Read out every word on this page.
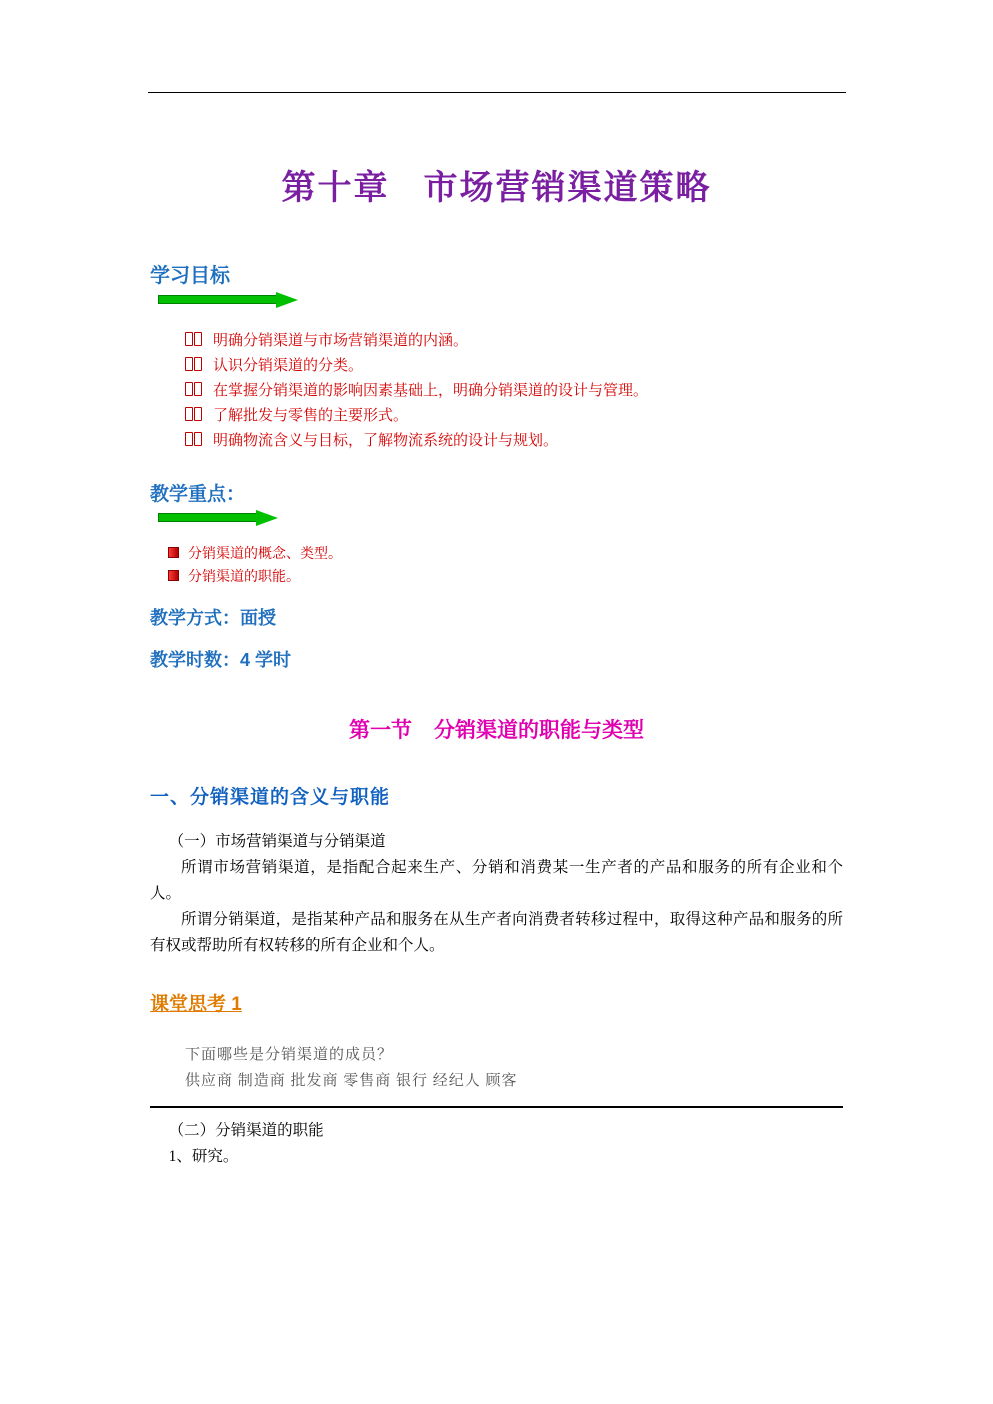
第十章 市场营销渠道策略
学习目标
明确分销渠道与市场营销渠道的内涵。
认识分销渠道的分类。
在掌握分销渠道的影响因素基础上，明确分销渠道的设计与管理。
了解批发与零售的主要形式。
明确物流含义与目标，了解物流系统的设计与规划。
教学重点：
分销渠道的概念、类型。
分销渠道的职能。

教学方式：面授

教学时数：4 学时

第一节 分销渠道的职能与类型
一、分销渠道的含义与职能

（一）市场营销渠道与分销渠道

所谓市场营销渠道，是指配合起来生产、分销和消费某一生产者的产品和服务的所有企业和个人。

所谓分销渠道，是指某种产品和服务在从生产者向消费者转移过程中，取得这种产品和服务的所有权或帮助所有权转移的所有企业和个人。

课堂思考 1
下面哪些是分销渠道的成员？
供应商 制造商 批发商 零售商 银行 经纪人 顾客

（二）分销渠道的职能

1、研究。
